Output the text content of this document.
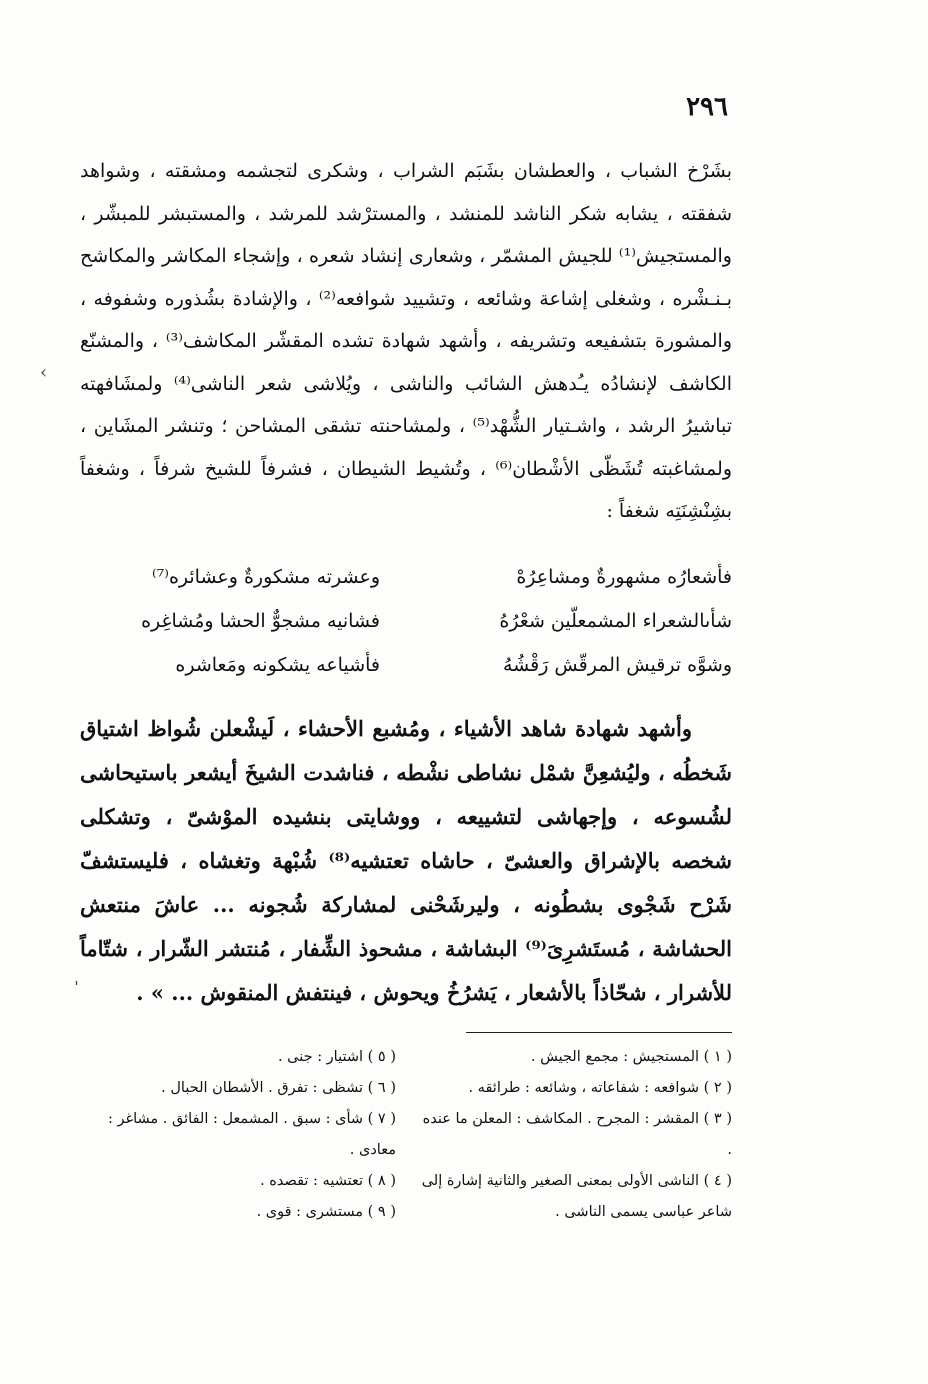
٢٩٦

بشَرْخ الشباب ، والعطشان بشَبَم الشراب ، وشكرى لتجشمه ومشقته ، وشواهد شفقته ، يشابه شكر الناشد للمنشد ، والمسترْشد للمرشد ، والمستبشر للمبشّر ، والمستجيش⁽¹⁾ للجيش المشمّر ، وشعارى إنشاد شعره ، وإشجاء المكاشر والمكاشح بـنـشْره ، وشغلى إشاعة وشائعه ، وتشييد شوافعه⁽²⁾ ، والإشادة بشُذوره وشفوفه ، والمشورة بتشفيعه وتشريفه ، وأشهد شهادة تشده المقشّر المكاشف⁽³⁾ ، والمشنّع الكاشف لإنشادُه يـُدهش الشائب والناشى ، ويُلاشى شعر الناشى⁽⁴⁾ ولمشَافهته تباشيرُ الرشد ، واشـتيار الشُّهْد⁽⁵⁾ ، ولمشاحنته تشقى المشاحن ؛ وتنشر المشَاين ، ولمشاغبته تُشَظّى الأشْطان⁽⁶⁾ ، وتُشيط الشيطان ، فشرفاً للشيخ شرفاً ، وشغفاً بشِنْشِنَتِه شغفاً :

فأشعارُه مشهورةٌ ومشاعِرُهْ
وعشرته مشكورةٌ وعشائره⁽⁷⁾
شأىالشعراء المشمعلّين شعْرُهُ
فشانيه مشجوٌّ الحشا ومُشاغِره
وشوَّه ترقيش المرقّش رَقْشُهُ
فأشياعه يشكونه ومَعاشره

وأشهد شهادة شاهد الأشياء ، ومُشبع الأحشاء ، لَيشْعلن شُواظ اشتياق شَخطُه ، وليُشعِنَّ شمْل نشاطى نشْطه ، فناشدت الشيخَ أيشعر باستيحاشى لشُسوعه ، وإجهاشى لتشييعه ، ووشايتى بنشيده الموْشىّ ، وتشكلى شخصه بالإشراق والعشىّ ، حاشاه تعتشيه⁽⁸⁾ شُبْهة وتغشاه ، فليستشفّ شَرْح شَجْوى بشطُونه ، وليرشَحْنى لمشاركة شُجونه ... عاشَ منتعش الحشاشة ، مُستَشرِىَ⁽⁹⁾ البشاشة ، مشحوذ الشِّفار ، مُنتشر الشّرار ، شتّاماً للأشرار ، شحّاذاً بالأشعار ، يَشرُخُ ويحوش ، فينتفش المنقوش ... » .

( ١ ) المستجيش : مجمع الجيش .

( ٢ ) شوافعه : شفاعاته ، وشائعه : طرائقه .

( ٣ ) المقشر : المجرح . المكاشف : المعلن ما عنده .

( ٤ ) الناشى الأولى بمعنى الصغير والثانية إشارة إلى شاعر عباسى يسمى الناشى .

( ٥ ) اشتيار : جنى .

( ٦ ) تشظى : تفرق . الأشطان الحبال .

( ٧ ) شأى : سبق . المشمعل : الفائق . مشاغر : معادى .

( ٨ ) تعتشيه : تقصده .

( ٩ ) مستشرى : قوى .

‹
ˌ
